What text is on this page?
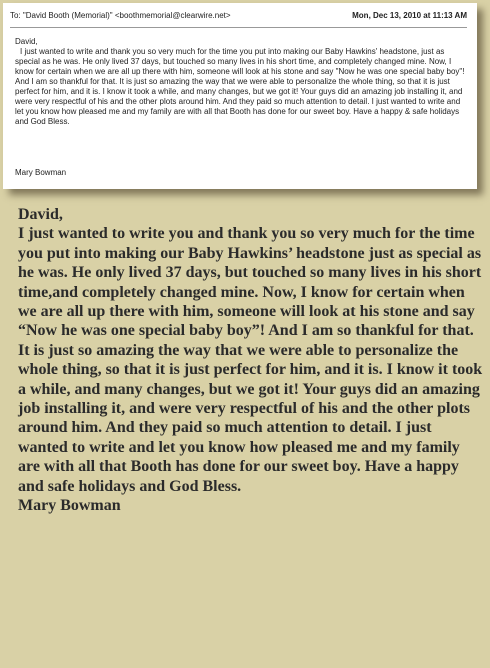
To: "David Booth (Memorial)" <boothmemorial@clearwire.net>	Mon, Dec 13, 2010 at 11:13 AM

David,

I just wanted to write and thank you so very much for the time you put into making our Baby Hawkins' headstone, just as special as he was. He only lived 37 days, but touched so many lives in his short time, and completely changed mine. Now, I know for certain when we are all up there with him, someone will look at his stone and say "Now he was one special baby boy"! And I am so thankful for that. It is just so amazing the way that we were able to personalize the whole thing, so that it is just perfect for him, and it is. I know it took a while, and many changes, but we got it! Your guys did an amazing job installing it, and were very respectful of his and the other plots around him. And they paid so much attention to detail. I just wanted to write and let you know how pleased me and my family are with all that Booth has done for our sweet boy. Have a happy & safe holidays and God Bless.

Mary Bowman

David,

I just wanted to write you and thank you so very much for the time you put into making our Baby Hawkins’ headstone just as special as he was. He only lived 37 days, but touched so many lives in his short time,and completely changed mine. Now, I know for certain when we are all up there with him, someone will look at his stone and say “Now he was one special baby boy”! And I am so thankful for that. It is just so amazing the way that we were able to personalize the whole thing, so that it is just perfect for him, and it is. I know it took a while, and many changes, but we got it! Your guys did an amazing job installing it, and were very respectful of his and the other plots around him. And they paid so much attention to detail. I just wanted to write and let you know how pleased me and my family are with all that Booth has done for our sweet boy. Have a happy and safe holidays and God Bless.

Mary Bowman
